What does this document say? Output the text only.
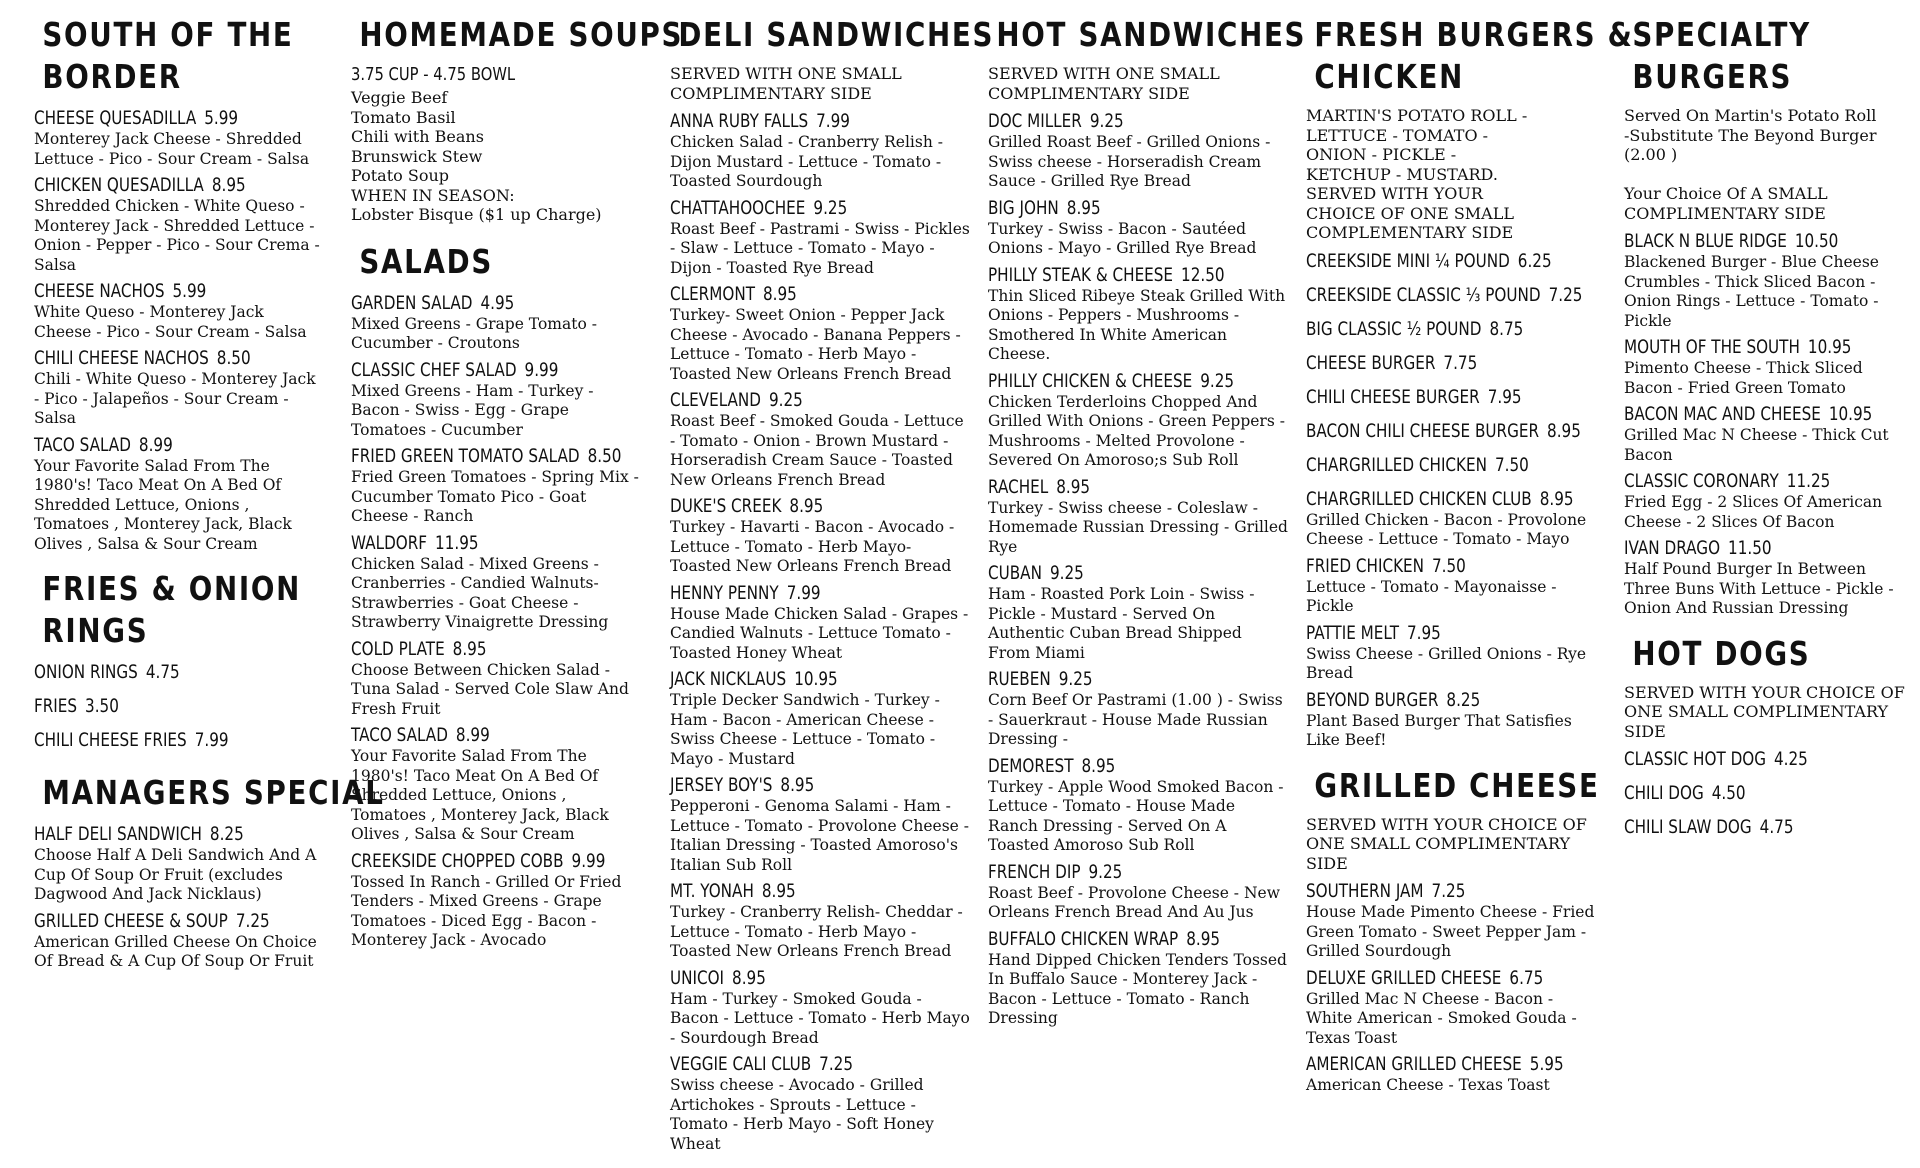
SOUTH OF THE
BORDER
CHEESE QUESADILLA 5.99
Monterey Jack Cheese - Shredded Lettuce - Pico - Sour Cream - Salsa
CHICKEN QUESADILLA 8.95
Shredded Chicken - White Queso - Monterey Jack - Shredded Lettuce - Onion - Pepper - Pico - Sour Crema - Salsa
CHEESE NACHOS 5.99
White Queso - Monterey Jack Cheese - Pico - Sour Cream - Salsa
CHILI CHEESE NACHOS 8.50
Chili - White Queso - Monterey Jack - Pico - Jalapeños - Sour Cream - Salsa
TACO SALAD 8.99
Your Favorite Salad From The 1980's! Taco Meat On A Bed Of Shredded Lettuce, Onions , Tomatoes , Monterey Jack, Black Olives , Salsa & Sour Cream
FRIES & ONION
RINGS
ONION RINGS 4.75
FRIES 3.50
CHILI CHEESE FRIES 7.99
MANAGERS SPECIAL
HALF DELI SANDWICH 8.25
Choose Half A Deli Sandwich And A Cup Of Soup Or Fruit (excludes Dagwood And Jack Nicklaus)
GRILLED CHEESE & SOUP 7.25
American Grilled Cheese On Choice Of Bread & A Cup Of Soup Or Fruit
HOMEMADE SOUPS
3.75 CUP - 4.75 BOWL
Veggie Beef
Tomato Basil
Chili with Beans
Brunswick Stew
Potato Soup
WHEN IN SEASON:
Lobster Bisque ($1 up Charge)
SALADS
GARDEN SALAD 4.95
Mixed Greens - Grape Tomato -Cucumber - Croutons
CLASSIC CHEF SALAD 9.99
Mixed Greens - Ham - Turkey - Bacon - Swiss - Egg - Grape Tomatoes - Cucumber
FRIED GREEN TOMATO SALAD 8.50
Fried Green Tomatoes - Spring Mix - Cucumber Tomato Pico - Goat Cheese - Ranch
WALDORF 11.95
Chicken Salad - Mixed Greens - Cranberries - Candied Walnuts- Strawberries - Goat Cheese - Strawberry Vinaigrette Dressing
COLD PLATE 8.95
Choose Between Chicken Salad - Tuna Salad - Served Cole Slaw And Fresh Fruit
TACO SALAD 8.99
Your Favorite Salad From The 1980's! Taco Meat On A Bed Of Shredded Lettuce, Onions , Tomatoes , Monterey Jack, Black Olives , Salsa & Sour Cream
CREEKSIDE CHOPPED COBB 9.99
Tossed In Ranch - Grilled Or Fried Tenders - Mixed Greens - Grape Tomatoes - Diced Egg - Bacon - Monterey Jack - Avocado
DELI SANDWICHES
SERVED WITH ONE SMALL COMPLIMENTARY SIDE
ANNA RUBY FALLS 7.99
Chicken Salad - Cranberry Relish - Dijon Mustard - Lettuce - Tomato - Toasted Sourdough
CHATTAHOOCHEE 9.25
Roast Beef - Pastrami - Swiss - Pickles - Slaw - Lettuce - Tomato - Mayo - Dijon - Toasted Rye Bread
CLERMONT 8.95
Turkey- Sweet Onion - Pepper Jack Cheese - Avocado - Banana Peppers - Lettuce - Tomato - Herb Mayo - Toasted New Orleans French Bread
CLEVELAND 9.25
Roast Beef - Smoked Gouda - Lettuce - Tomato - Onion - Brown Mustard - Horseradish Cream Sauce - Toasted New Orleans French Bread
DUKE'S CREEK 8.95
Turkey - Havarti - Bacon - Avocado - Lettuce - Tomato - Herb Mayo- Toasted New Orleans French Bread
HENNY PENNY 7.99
House Made Chicken Salad - Grapes - Candied Walnuts - Lettuce Tomato - Toasted Honey Wheat
JACK NICKLAUS 10.95
Triple Decker Sandwich - Turkey - Ham - Bacon - American Cheese - Swiss Cheese - Lettuce - Tomato - Mayo - Mustard
JERSEY BOY'S 8.95
Pepperoni - Genoma Salami - Ham - Lettuce - Tomato - Provolone Cheese - Italian Dressing - Toasted Amoroso's Italian Sub Roll
MT. YONAH 8.95
Turkey - Cranberry Relish- Cheddar - Lettuce - Tomato - Herb Mayo - Toasted New Orleans French Bread
UNICOI 8.95
Ham - Turkey - Smoked Gouda - Bacon - Lettuce - Tomato - Herb Mayo - Sourdough Bread
VEGGIE CALI CLUB 7.25
Swiss cheese - Avocado - Grilled Artichokes - Sprouts - Lettuce - Tomato - Herb Mayo - Soft Honey Wheat
HOT SANDWICHES
SERVED WITH ONE SMALL COMPLIMENTARY SIDE
DOC MILLER 9.25
Grilled Roast Beef - Grilled Onions - Swiss cheese - Horseradish Cream Sauce - Grilled Rye Bread
BIG JOHN 8.95
Turkey - Swiss - Bacon - Sautéed Onions - Mayo - Grilled Rye Bread
PHILLY STEAK & CHEESE 12.50
Thin Sliced Ribeye Steak Grilled With Onions - Peppers - Mushrooms - Smothered In White American Cheese.
PHILLY CHICKEN & CHEESE 9.25
Chicken Terderloins Chopped And Grilled With Onions - Green Peppers - Mushrooms - Melted Provolone - Severed On Amoroso;s Sub Roll
RACHEL 8.95
Turkey - Swiss cheese - Coleslaw - Homemade Russian Dressing - Grilled Rye
CUBAN 9.25
Ham - Roasted Pork Loin - Swiss - Pickle - Mustard - Served On Authentic Cuban Bread Shipped From Miami
RUEBEN 9.25
Corn Beef Or Pastrami (1.00 ) - Swiss - Sauerkraut - House Made Russian Dressing -
DEMOREST 8.95
Turkey - Apple Wood Smoked Bacon - Lettuce - Tomato - House Made Ranch Dressing - Served On A Toasted Amoroso Sub Roll
FRENCH DIP 9.25
Roast Beef - Provolone Cheese - New Orleans French Bread And Au Jus
BUFFALO CHICKEN WRAP 8.95
Hand Dipped Chicken Tenders Tossed In Buffalo Sauce - Monterey Jack - Bacon - Lettuce - Tomato - Ranch Dressing
FRESH BURGERS &
CHICKEN
MARTIN'S POTATO ROLL -
LETTUCE - TOMATO -
ONION - PICKLE -
KETCHUP - MUSTARD.
SERVED WITH YOUR
CHOICE OF ONE SMALL
COMPLEMENTARY SIDE
CREEKSIDE MINI ¼ POUND 6.25
CREEKSIDE CLASSIC ⅓ POUND 7.25
BIG CLASSIC ½ POUND 8.75
CHEESE BURGER 7.75
CHILI CHEESE BURGER 7.95
BACON CHILI CHEESE BURGER 8.95
CHARGRILLED CHICKEN 7.50
CHARGRILLED CHICKEN CLUB 8.95
Grilled Chicken - Bacon - Provolone Cheese - Lettuce - Tomato - Mayo
FRIED CHICKEN 7.50
Lettuce - Tomato - Mayonaisse - Pickle
PATTIE MELT 7.95
Swiss Cheese - Grilled Onions - Rye Bread
BEYOND BURGER 8.25
Plant Based Burger That Satisfies Like Beef!
GRILLED CHEESE
SERVED WITH YOUR CHOICE OF ONE SMALL COMPLIMENTARY SIDE
SOUTHERN JAM 7.25
House Made Pimento Cheese - Fried Green Tomato - Sweet Pepper Jam - Grilled Sourdough
DELUXE GRILLED CHEESE 6.75
Grilled Mac N Cheese - Bacon - White American - Smoked Gouda - Texas Toast
AMERICAN GRILLED CHEESE 5.95
American Cheese - Texas Toast
SPECIALTY
BURGERS
Served On Martin's Potato Roll
-Substitute The Beyond Burger (2.00 )

Your Choice Of A SMALL COMPLIMENTARY SIDE
BLACK N BLUE RIDGE 10.50
Blackened Burger - Blue Cheese Crumbles - Thick Sliced Bacon - Onion Rings - Lettuce - Tomato - Pickle
MOUTH OF THE SOUTH 10.95
Pimento Cheese - Thick Sliced Bacon - Fried Green Tomato
BACON MAC AND CHEESE 10.95
Grilled Mac N Cheese - Thick Cut Bacon
CLASSIC CORONARY 11.25
Fried Egg - 2 Slices Of American Cheese - 2 Slices Of Bacon
IVAN DRAGO 11.50
Half Pound Burger In Between Three Buns With Lettuce - Pickle - Onion And Russian Dressing
HOT DOGS
SERVED WITH YOUR CHOICE OF ONE SMALL COMPLIMENTARY SIDE
CLASSIC HOT DOG 4.25
CHILI DOG 4.50
CHILI SLAW DOG 4.75
